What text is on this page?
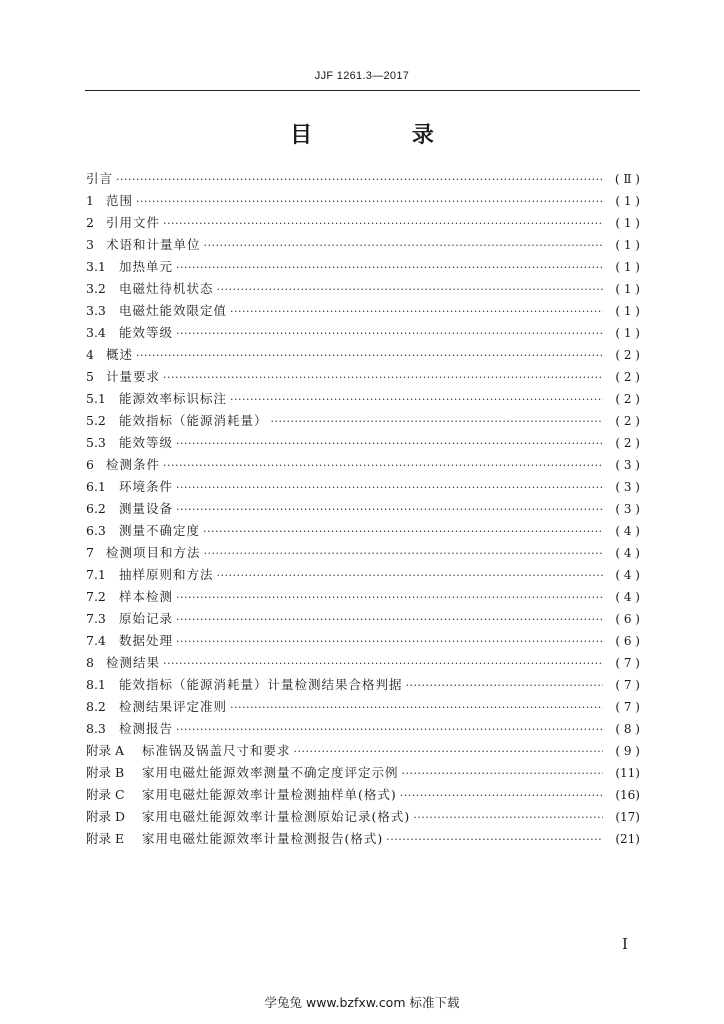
JJF 1261.3—2017
目 录
引言 ·····	( Ⅱ )
1 范围 ·····	( 1 )
2 引用文件 ·····	( 1 )
3 术语和计量单位 ·····	( 1 )
3.1	加热单元 ·····	( 1 )
3.2	电磁灶待机状态 ·····	( 1 )
3.3	电磁灶能效限定值 ·····	( 1 )
3.4	能效等级 ·····	( 1 )
4 概述 ·····	( 2 )
5 计量要求 ·····	( 2 )
5.1	能源效率标识标注 ·····	( 2 )
5.2	能效指标（能源消耗量） ·····	( 2 )
5.3	能效等级 ·····	( 2 )
6 检测条件 ·····	( 3 )
6.1	环境条件 ·····	( 3 )
6.2	测量设备 ·····	( 3 )
6.3	测量不确定度 ·····	( 4 )
7 检测项目和方法 ·····	( 4 )
7.1	抽样原则和方法 ·····	( 4 )
7.2	样本检测 ·····	( 4 )
7.3	原始记录 ·····	( 6 )
7.4	数据处理 ·····	( 6 )
8 检测结果 ·····	( 7 )
8.1	能效指标（能源消耗量）计量检测结果合格判据 ·····	( 7 )
8.2	检测结果评定准则 ·····	( 7 )
8.3	检测报告 ·····	( 8 )
附录 A	标准锅及锅盖尺寸和要求 ·····	( 9 )
附录 B	家用电磁灶能源效率测量不确定度评定示例 ·····	(11)
附录 C	家用电磁灶能源效率计量检测抽样单(格式) ·····	(16)
附录 D	家用电磁灶能源效率计量检测原始记录(格式) ·····	(17)
附录 E	家用电磁灶能源效率计量检测报告(格式) ·····	(21)
I
学兔兔 www.bzfxw.com 标准下载
